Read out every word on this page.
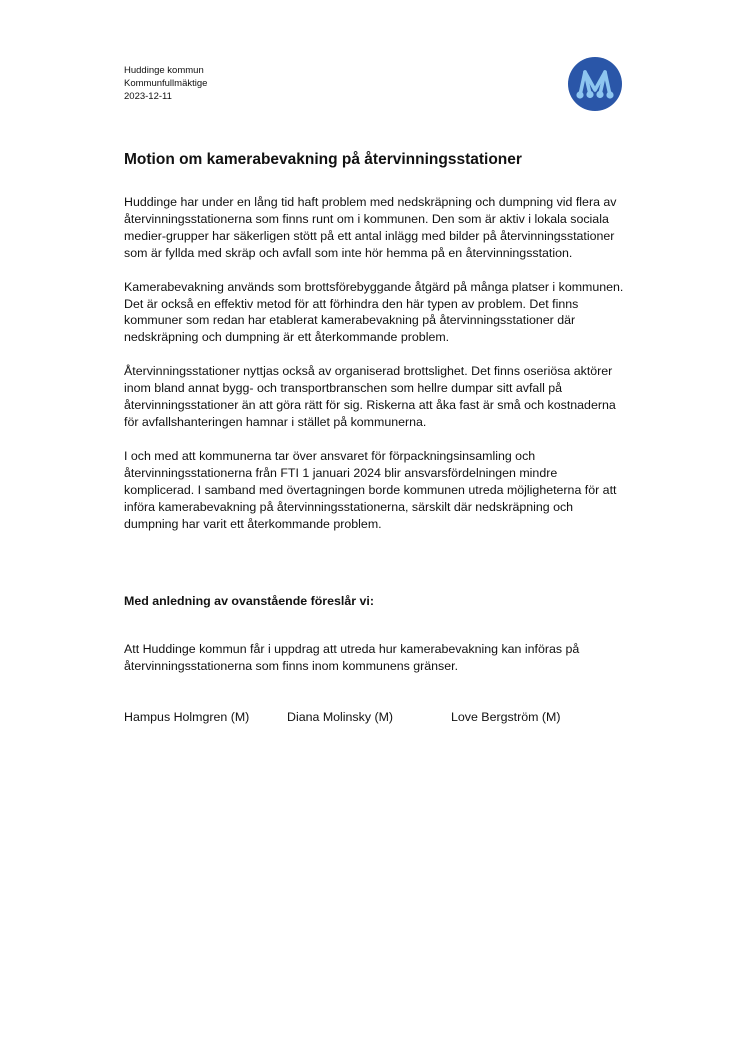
Huddinge kommun
Kommunfullmäktige
2023-12-11
Motion om kamerabevakning på återvinningsstationer

Huddinge har under en lång tid haft problem med nedskräpning och dumpning vid flera av återvinningsstationerna som finns runt om i kommunen. Den som är aktiv i lokala sociala medier-grupper har säkerligen stött på ett antal inlägg med bilder på återvinningsstationer som är fyllda med skräp och avfall som inte hör hemma på en återvinningsstation.

Kamerabevakning används som brottsförebyggande åtgärd på många platser i kommunen. Det är också en effektiv metod för att förhindra den här typen av problem. Det finns kommuner som redan har etablerat kamerabevakning på återvinningsstationer där nedskräpning och dumpning är ett återkommande problem.

Återvinningsstationer nyttjas också av organiserad brottslighet. Det finns oseriösa aktörer inom bland annat bygg- och transportbranschen som hellre dumpar sitt avfall på återvinningsstationer än att göra rätt för sig. Riskerna att åka fast är små och kostnaderna för avfallshanteringen hamnar i stället på kommunerna.

I och med att kommunerna tar över ansvaret för förpackningsinsamling och återvinningsstationerna från FTI 1 januari 2024 blir ansvarsfördelningen mindre komplicerad. I samband med övertagningen borde kommunen utreda möjligheterna för att införa kamerabevakning på återvinningsstationerna, särskilt där nedskräpning och dumpning har varit ett återkommande problem.

Med anledning av ovanstående föreslår vi:

Att Huddinge kommun får i uppdrag att utreda hur kamerabevakning kan införas på återvinningsstationerna som finns inom kommunens gränser.

Hampus Holmgren (M)	Diana Molinsky (M)	Love Bergström (M)
